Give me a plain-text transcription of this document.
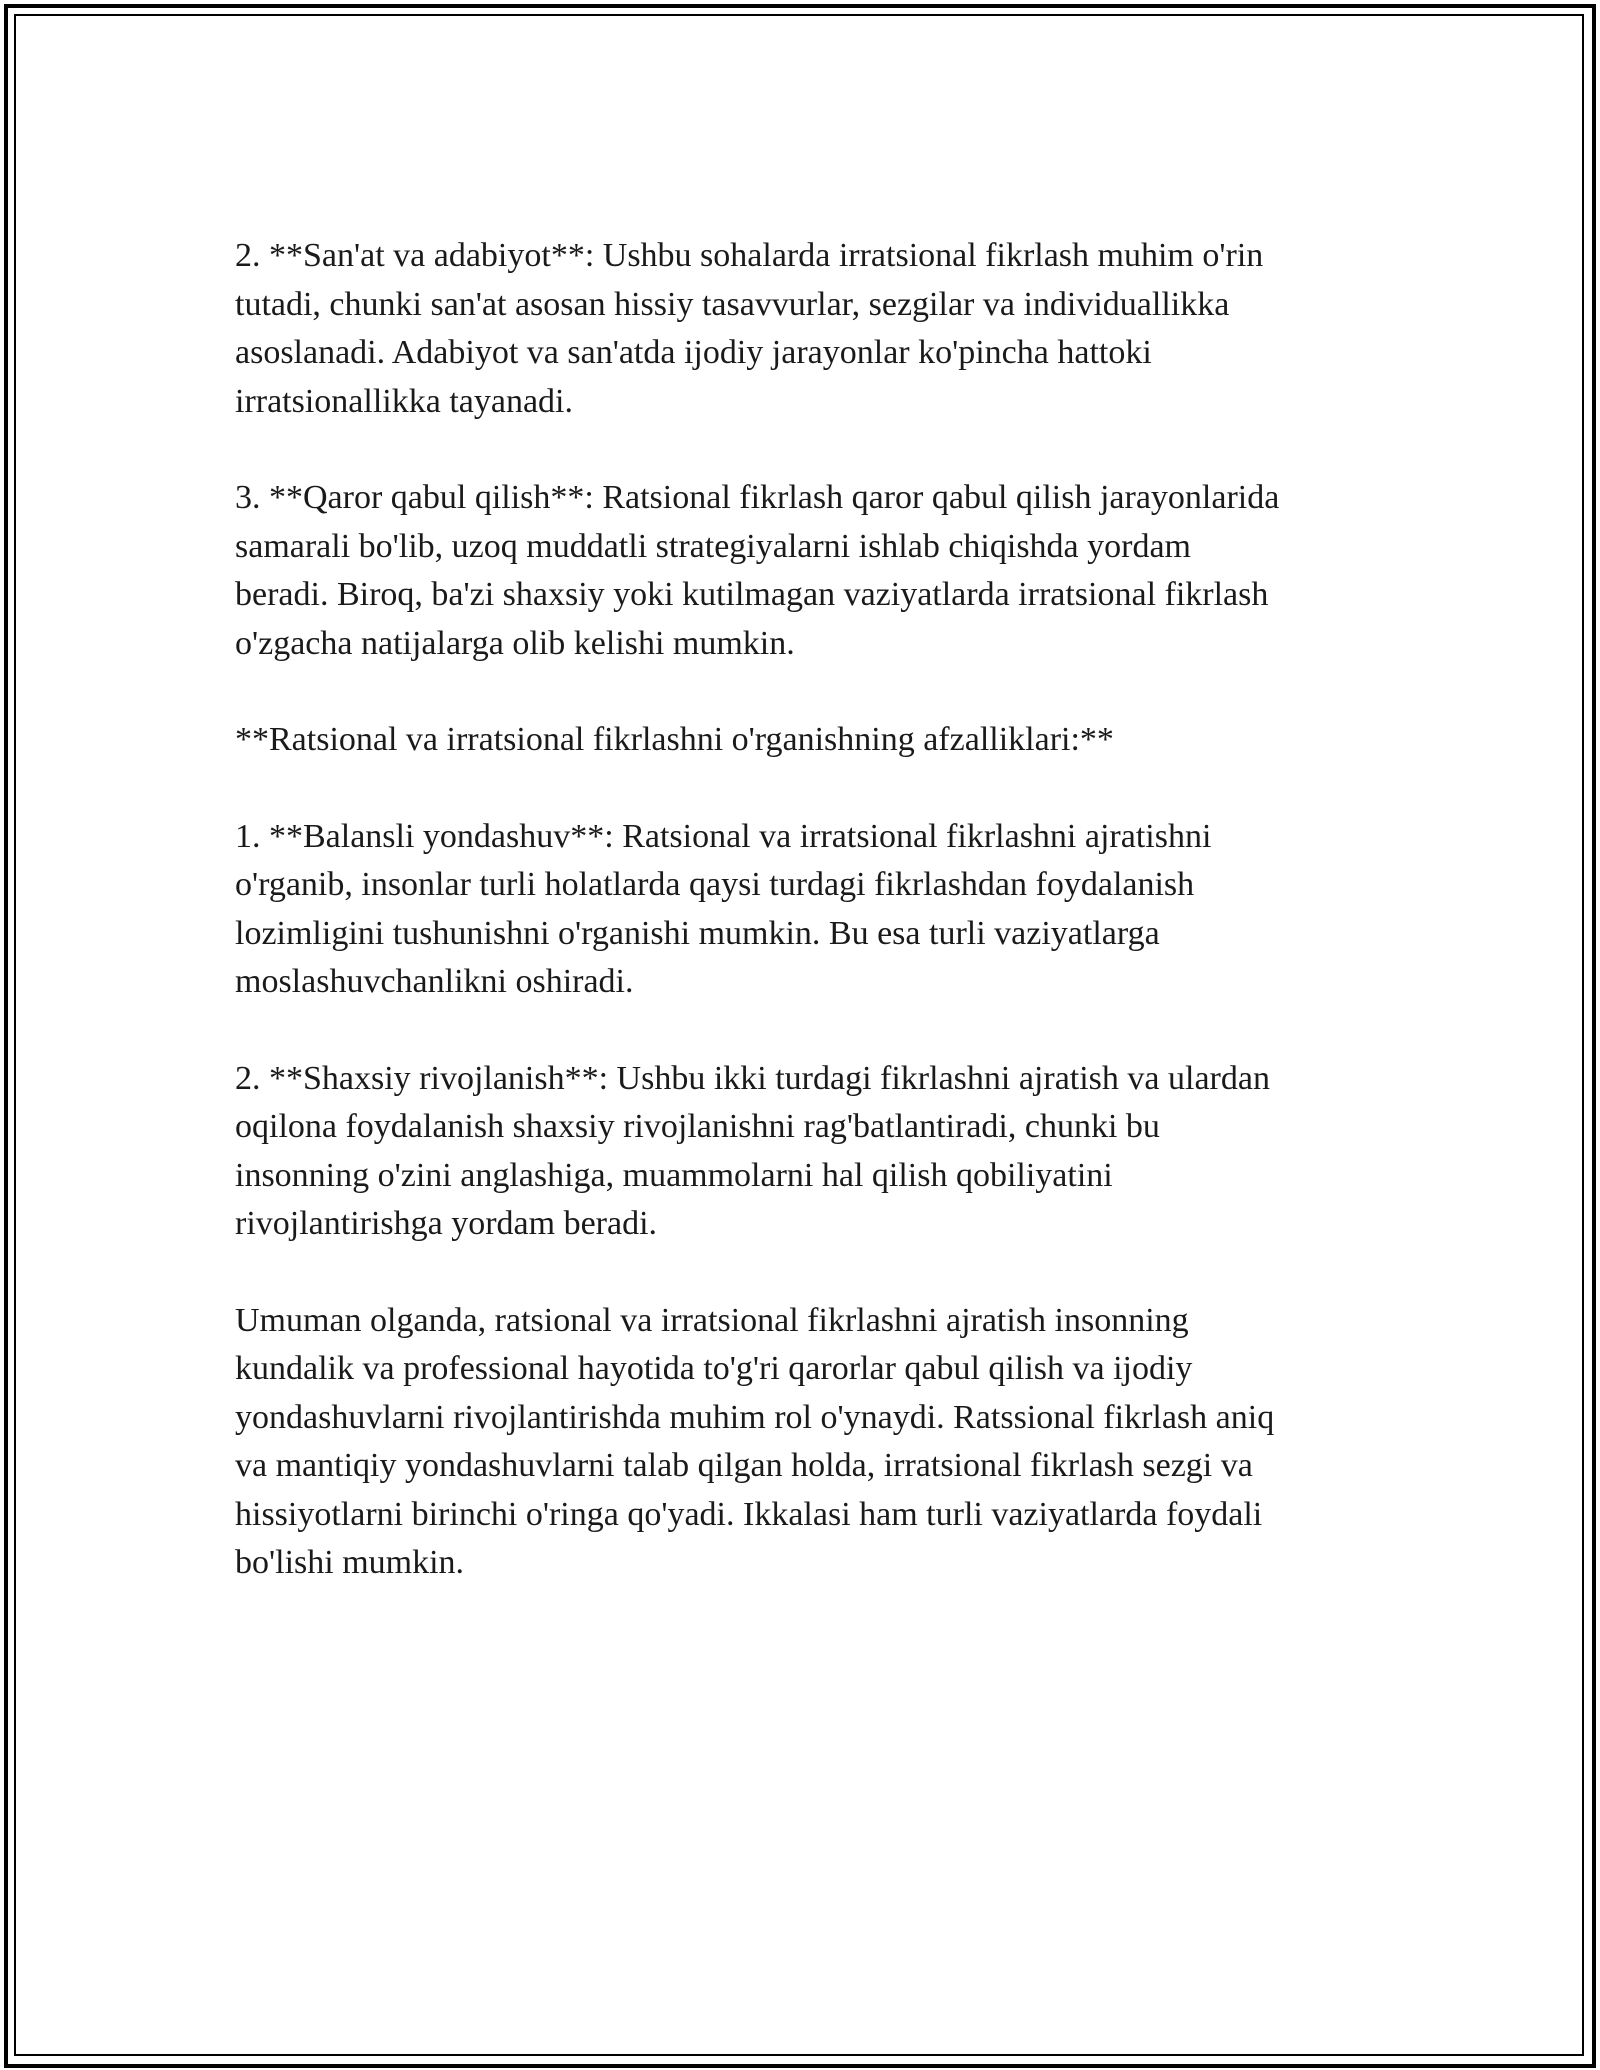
2. **San'at va adabiyot**: Ushbu sohalarda irratsional fikrlash muhim o'rin
tutadi, chunki san'at asosan hissiy tasavvurlar, sezgilar va individuallikka
asoslanadi. Adabiyot va san'atda ijodiy jarayonlar ko'pincha hattoki
irratsionallikka tayanadi.

3. **Qaror qabul qilish**: Ratsional fikrlash qaror qabul qilish jarayonlarida
samarali bo'lib, uzoq muddatli strategiyalarni ishlab chiqishda yordam
beradi. Biroq, ba'zi shaxsiy yoki kutilmagan vaziyatlarda irratsional fikrlash
o'zgacha natijalarga olib kelishi mumkin.

**Ratsional va irratsional fikrlashni o'rganishning afzalliklari:**

1. **Balansli yondashuv**: Ratsional va irratsional fikrlashni ajratishni
o'rganib, insonlar turli holatlarda qaysi turdagi fikrlashdan foydalanish
lozimligini tushunishni o'rganishi mumkin. Bu esa turli vaziyatlarga
moslashuvchanlikni oshiradi.

2. **Shaxsiy rivojlanish**: Ushbu ikki turdagi fikrlashni ajratish va ulardan
oqilona foydalanish shaxsiy rivojlanishni rag'batlantiradi, chunki bu
insonning o'zini anglashiga, muammolarni hal qilish qobiliyatini
rivojlantirishga yordam beradi.

Umuman olganda, ratsional va irratsional fikrlashni ajratish insonning
kundalik va professional hayotida to'g'ri qarorlar qabul qilish va ijodiy
yondashuvlarni rivojlantirishda muhim rol o'ynaydi. Ratssional fikrlash aniq
va mantiqiy yondashuvlarni talab qilgan holda, irratsional fikrlash sezgi va
hissiyotlarni birinchi o'ringa qo'yadi. Ikkalasi ham turli vaziyatlarda foydali
bo'lishi mumkin.
